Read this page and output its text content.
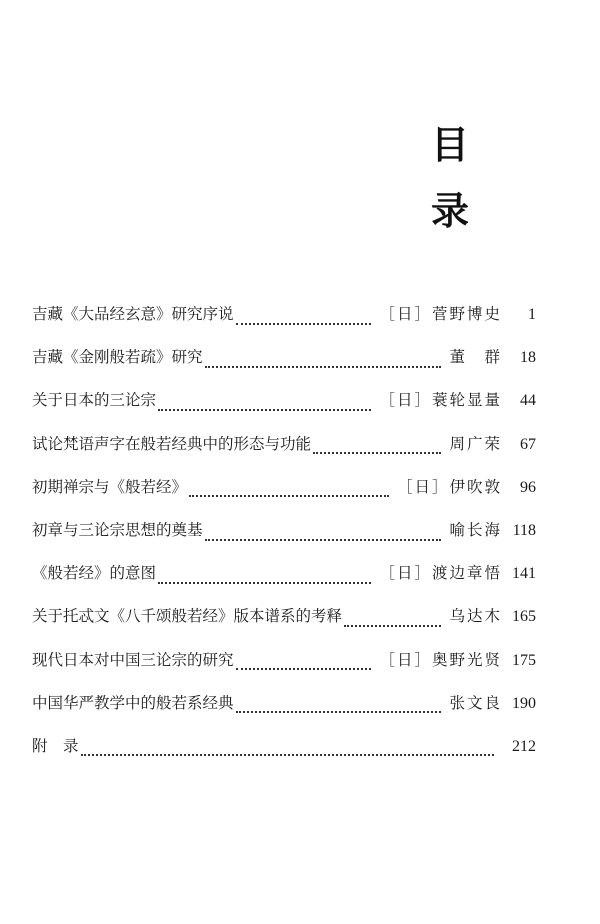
目
录
吉藏《大品经玄意》研究序说	［日］菅野博史	1
吉藏《金刚般若疏》研究	董　群	18
关于日本的三论宗	［日］蓑轮显量	44
试论梵语声字在般若经典中的形态与功能	周广荣	67
初期禅宗与《般若经》	［日］伊吹敦	96
初章与三论宗思想的奠基	喻长海 118
《般若经》的意图	［日］渡边章悟 141
关于托忒文《八千颂般若经》版本谱系的考释	乌达木 165
现代日本对中国三论宗的研究	［日］奥野光贤 175
中国华严教学中的般若系经典	张文良 190
附　录	212
